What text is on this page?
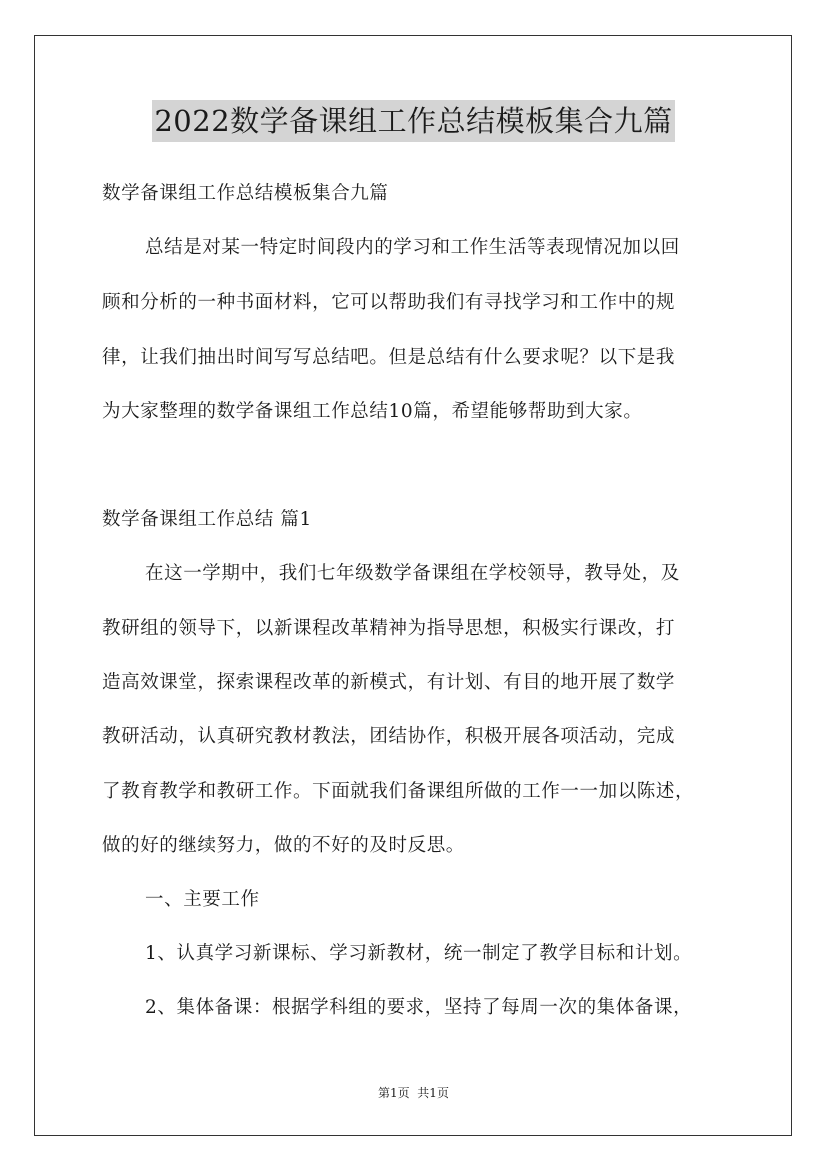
2022数学备课组工作总结模板集合九篇
数学备课组工作总结模板集合九篇
总结是对某一特定时间段内的学习和工作生活等表现情况加以回
顾和分析的一种书面材料，它可以帮助我们有寻找学习和工作中的规
律，让我们抽出时间写写总结吧。但是总结有什么要求呢？以下是我
为大家整理的数学备课组工作总结10篇，希望能够帮助到大家。
数学备课组工作总结 篇1
在这一学期中，我们七年级数学备课组在学校领导，教导处，及
教研组的领导下，以新课程改革精神为指导思想，积极实行课改，打
造高效课堂，探索课程改革的新模式，有计划、有目的地开展了数学
教研活动，认真研究教材教法，团结协作，积极开展各项活动，完成
了教育教学和教研工作。下面就我们备课组所做的工作一一加以陈述，
做的好的继续努力，做的不好的及时反思。
一、主要工作
1、认真学习新课标、学习新教材，统一制定了教学目标和计划。
2、集体备课：根据学科组的要求，坚持了每周一次的集体备课，
第1页  共1页
